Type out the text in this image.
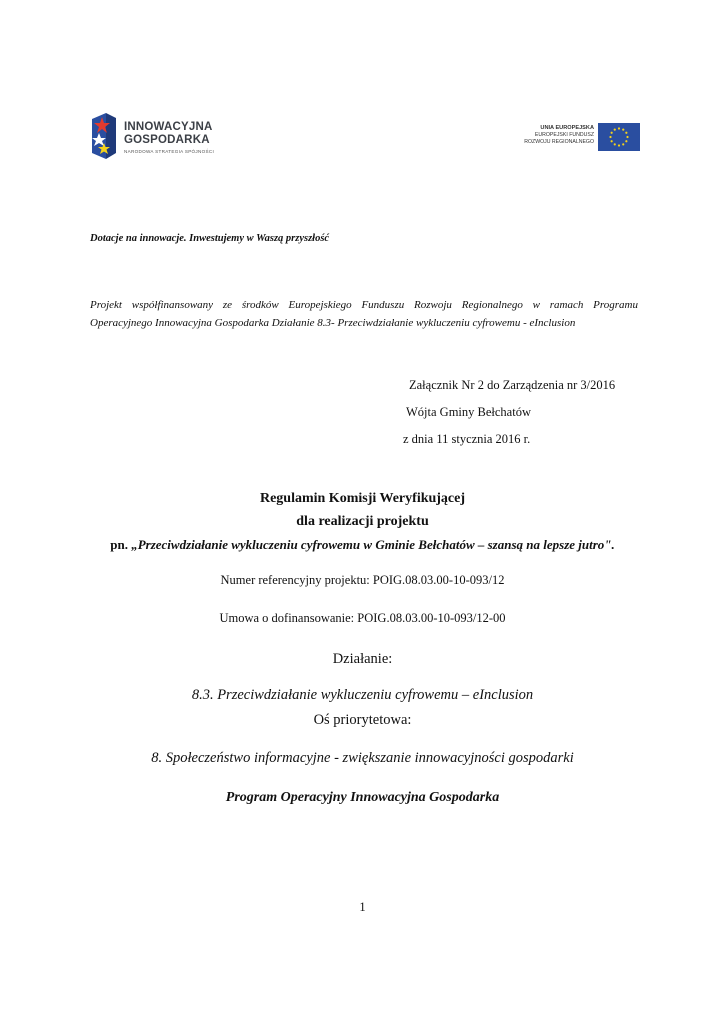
INNOWACYJNA
GOSPODARKA
NARODOWA STRATEGIA SPÓJNOŚCI
UNIA EUROPEJSKA
EUROPEJSKI FUNDUSZ
ROZWOJU REGIONALNEGO
Dotacje na innowacje. Inwestujemy w Waszą przyszłość
Projekt współfinansowany ze środków Europejskiego Funduszu Rozwoju Regionalnego w ramach Programu
Operacyjnego Innowacyjna Gospodarka Działanie 8.3- Przeciwdziałanie wykluczeniu cyfrowemu - eInclusion
Załącznik Nr 2 do Zarządzenia nr 3/2016
Wójta Gminy Bełchatów
z dnia 11 stycznia 2016 r.
Regulamin Komisji Weryfikującej
dla realizacji projektu
pn. „Przeciwdziałanie wykluczeniu cyfrowemu w Gminie Bełchatów – szansą na lepsze jutro".
Numer referencyjny projektu: POIG.08.03.00-10-093/12
Umowa o dofinansowanie: POIG.08.03.00-10-093/12-00
Działanie:
8.3. Przeciwdziałanie wykluczeniu cyfrowemu – eInclusion
Oś priorytetowa:
8. Społeczeństwo informacyjne - zwiększanie innowacyjności gospodarki
Program Operacyjny Innowacyjna Gospodarka
1
